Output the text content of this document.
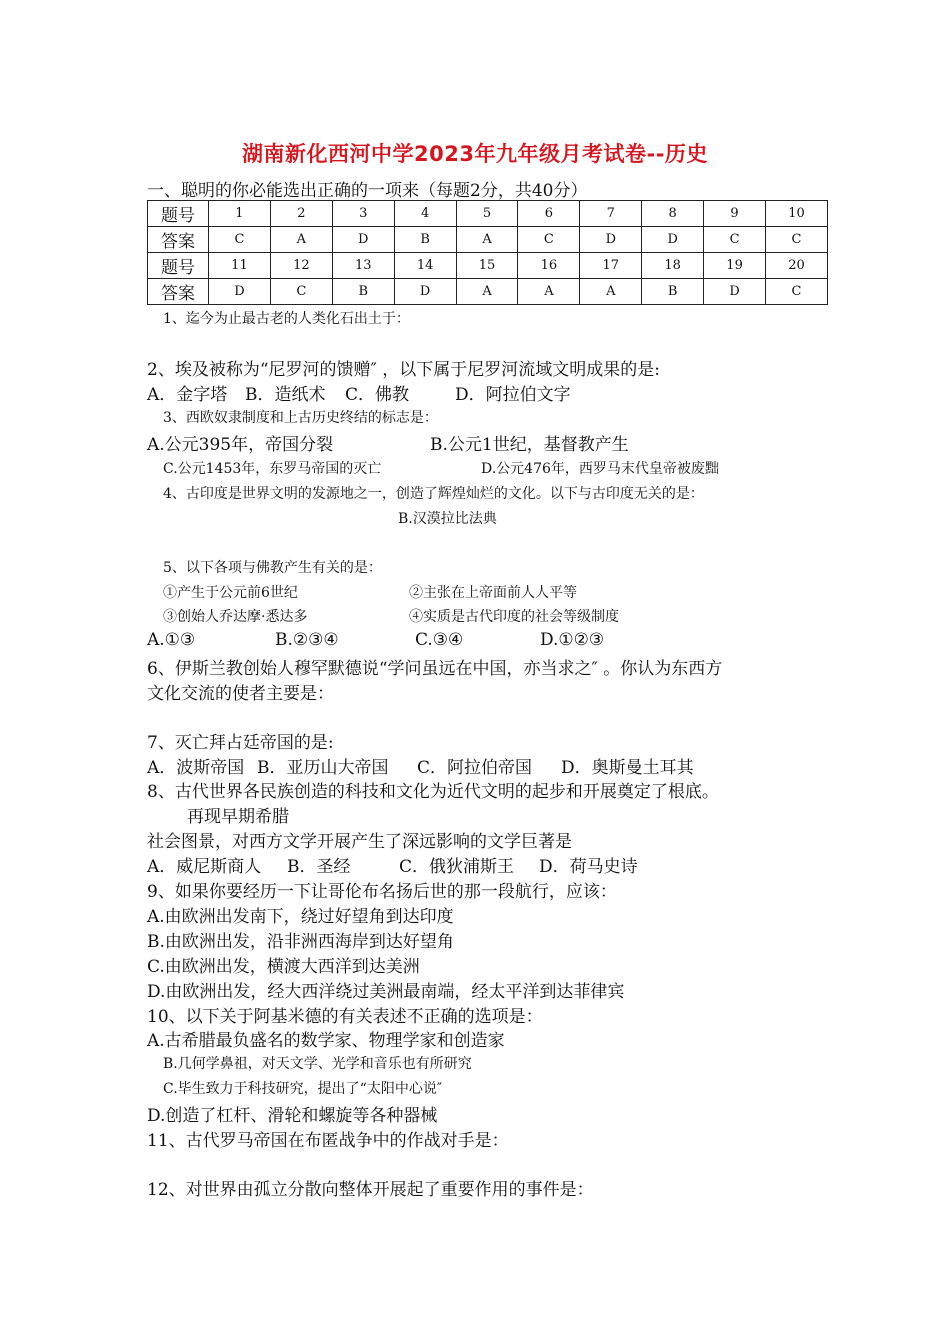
湖南新化西河中学2023年九年级月考试卷--历史
一、聪明的你必能选出正确的一项来（每题2分，共40分）
题号	1	2	3	4	5	6	7	8	9	10
答案	C	A	D	B	A	C	D	D	C	C
题号	11	12	13	14	15	16	17	18	19	20
答案	D	C	B	D	A	A	A	B	D	C
1、迄今为止最古老的人类化石出土于：
2、埃及被称为“尼罗河的馈赠″ ，以下属于尼罗河流域文明成果的是:
A．金字塔	B．造纸术	C．佛教	D．阿拉伯文字
3、西欧奴隶制度和上古历史终结的标志是：
A.公元395年，帝国分裂	B.公元1世纪，基督教产生
C.公元1453年，东罗马帝国的灭亡	D.公元476年，西罗马末代皇帝被废黜
4、古印度是世界文明的发源地之一，创造了辉煌灿烂的文化。以下与古印度无关的是：
B.汉漠拉比法典
5、以下各项与佛教产生有关的是：
①产生于公元前6世纪	②主张在上帝面前人人平等
③创始人乔达摩·悉达多	④实质是古代印度的社会等级制度
A.①③	B.②③④	C.③④	D.①②③
6、伊斯兰教创始人穆罕默德说“学问虽远在中国，亦当求之″ 。你认为东西方
文化交流的使者主要是：
7、灭亡拜占廷帝国的是:
A．波斯帝国 B．亚历山大帝国	C．阿拉伯帝国	D．奥斯曼土耳其
8、古代世界各民族创造的科技和文化为近代文明的起步和开展奠定了根底。
再现早期希腊
社会图景，对西方文学开展产生了深远影响的文学巨著是
A．威尼斯商人	B．圣经	C．俄狄浦斯王	D．荷马史诗
9、如果你要经历一下让哥伦布名扬后世的那一段航行，应该：
A.由欧洲出发南下，绕过好望角到达印度
B.由欧洲出发，沿非洲西海岸到达好望角
C.由欧洲出发，横渡大西洋到达美洲
D.由欧洲出发，经大西洋绕过美洲最南端，经太平洋到达菲律宾
10、以下关于阿基米德的有关表述不正确的选项是：
A.古希腊最负盛名的数学家、物理学家和创造家
B.几何学鼻祖，对天文学、光学和音乐也有所研究
C.毕生致力于科技研究，提出了“太阳中心说″
D.创造了杠杆、滑轮和螺旋等各种器械
11、古代罗马帝国在布匿战争中的作战对手是：
12、对世界由孤立分散向整体开展起了重要作用的事件是：
